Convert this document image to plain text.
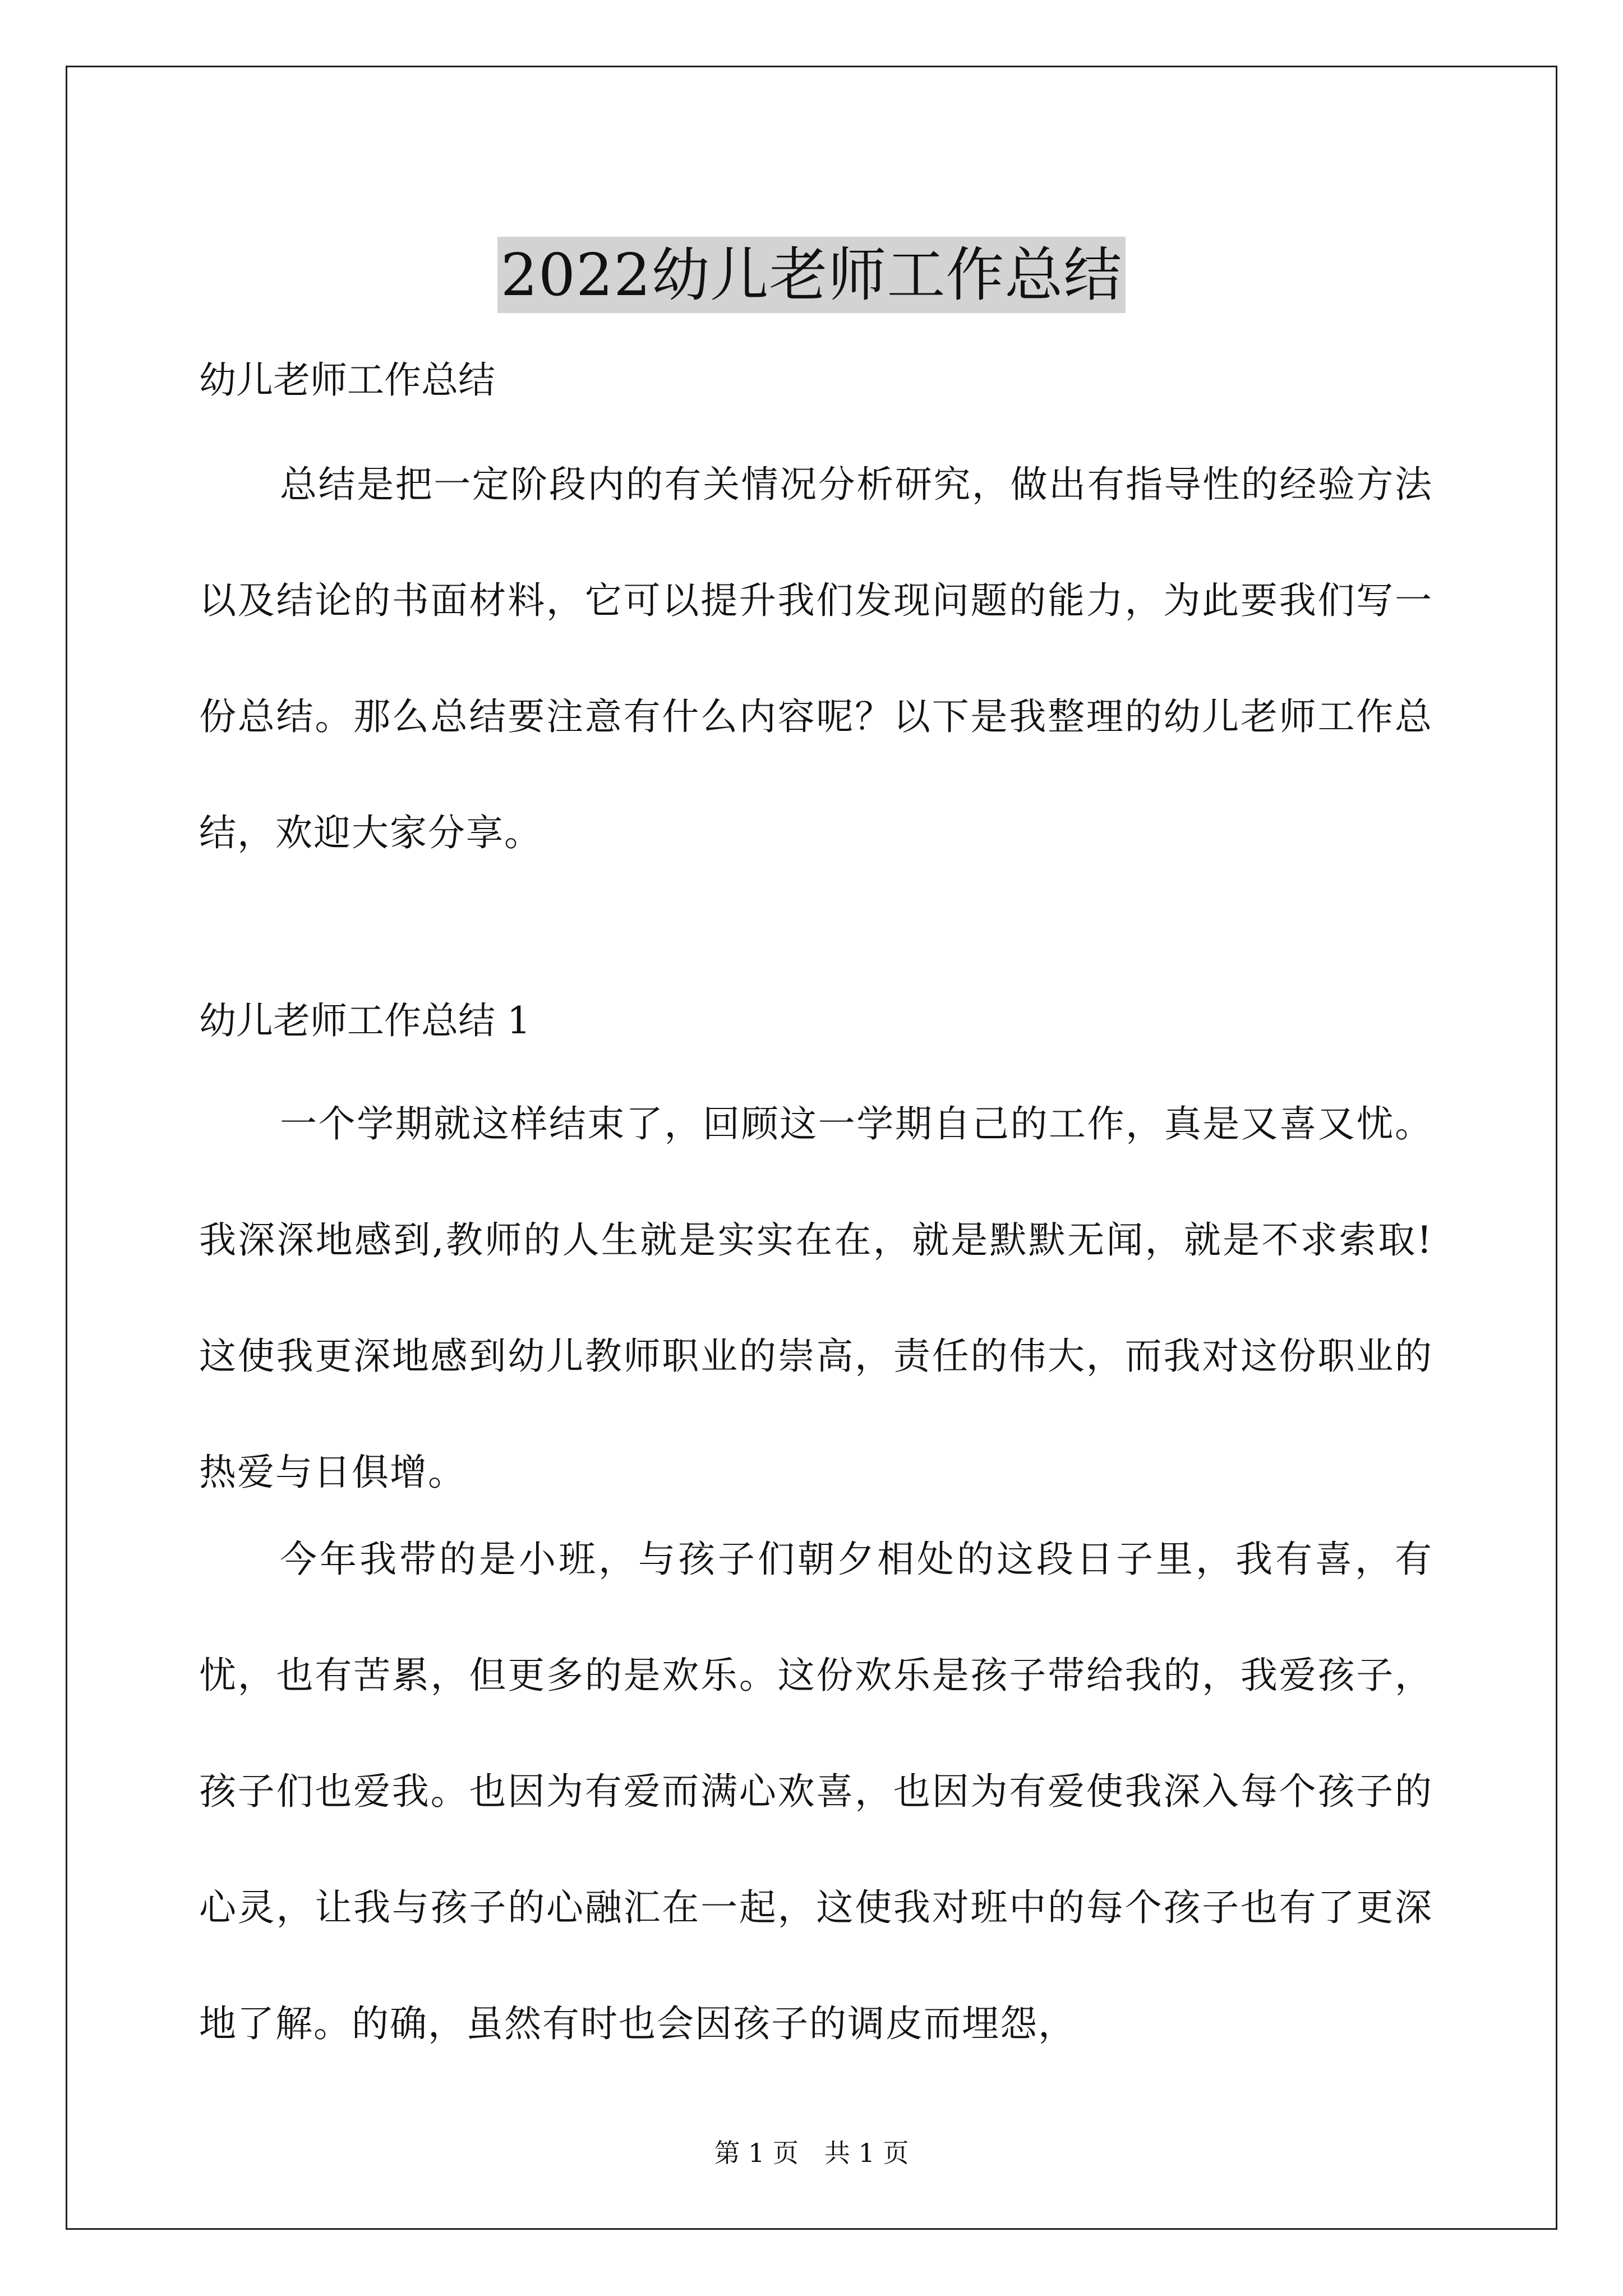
2022幼儿老师工作总结
幼儿老师工作总结

总结是把一定阶段内的有关情况分析研究，做出有指导性的经验方法以及结论的书面材料，它可以提升我们发现问题的能力，为此要我们写一份总结。那么总结要注意有什么内容呢？以下是我整理的幼儿老师工作总结，欢迎大家分享。

幼儿老师工作总结 1

一个学期就这样结束了，回顾这一学期自己的工作，真是又喜又忧。我深深地感到,教师的人生就是实实在在，就是默默无闻，就是不求索取!这使我更深地感到幼儿教师职业的崇高，责任的伟大，而我对这份职业的热爱与日俱增。

今年我带的是小班，与孩子们朝夕相处的这段日子里，我有喜，有忧，也有苦累，但更多的是欢乐。这份欢乐是孩子带给我的，我爱孩子，孩子们也爱我。也因为有爱而满心欢喜，也因为有爱使我深入每个孩子的心灵，让我与孩子的心融汇在一起，这使我对班中的每个孩子也有了更深地了解。的确，虽然有时也会因孩子的调皮而埋怨，

第 1 页　共 1 页
